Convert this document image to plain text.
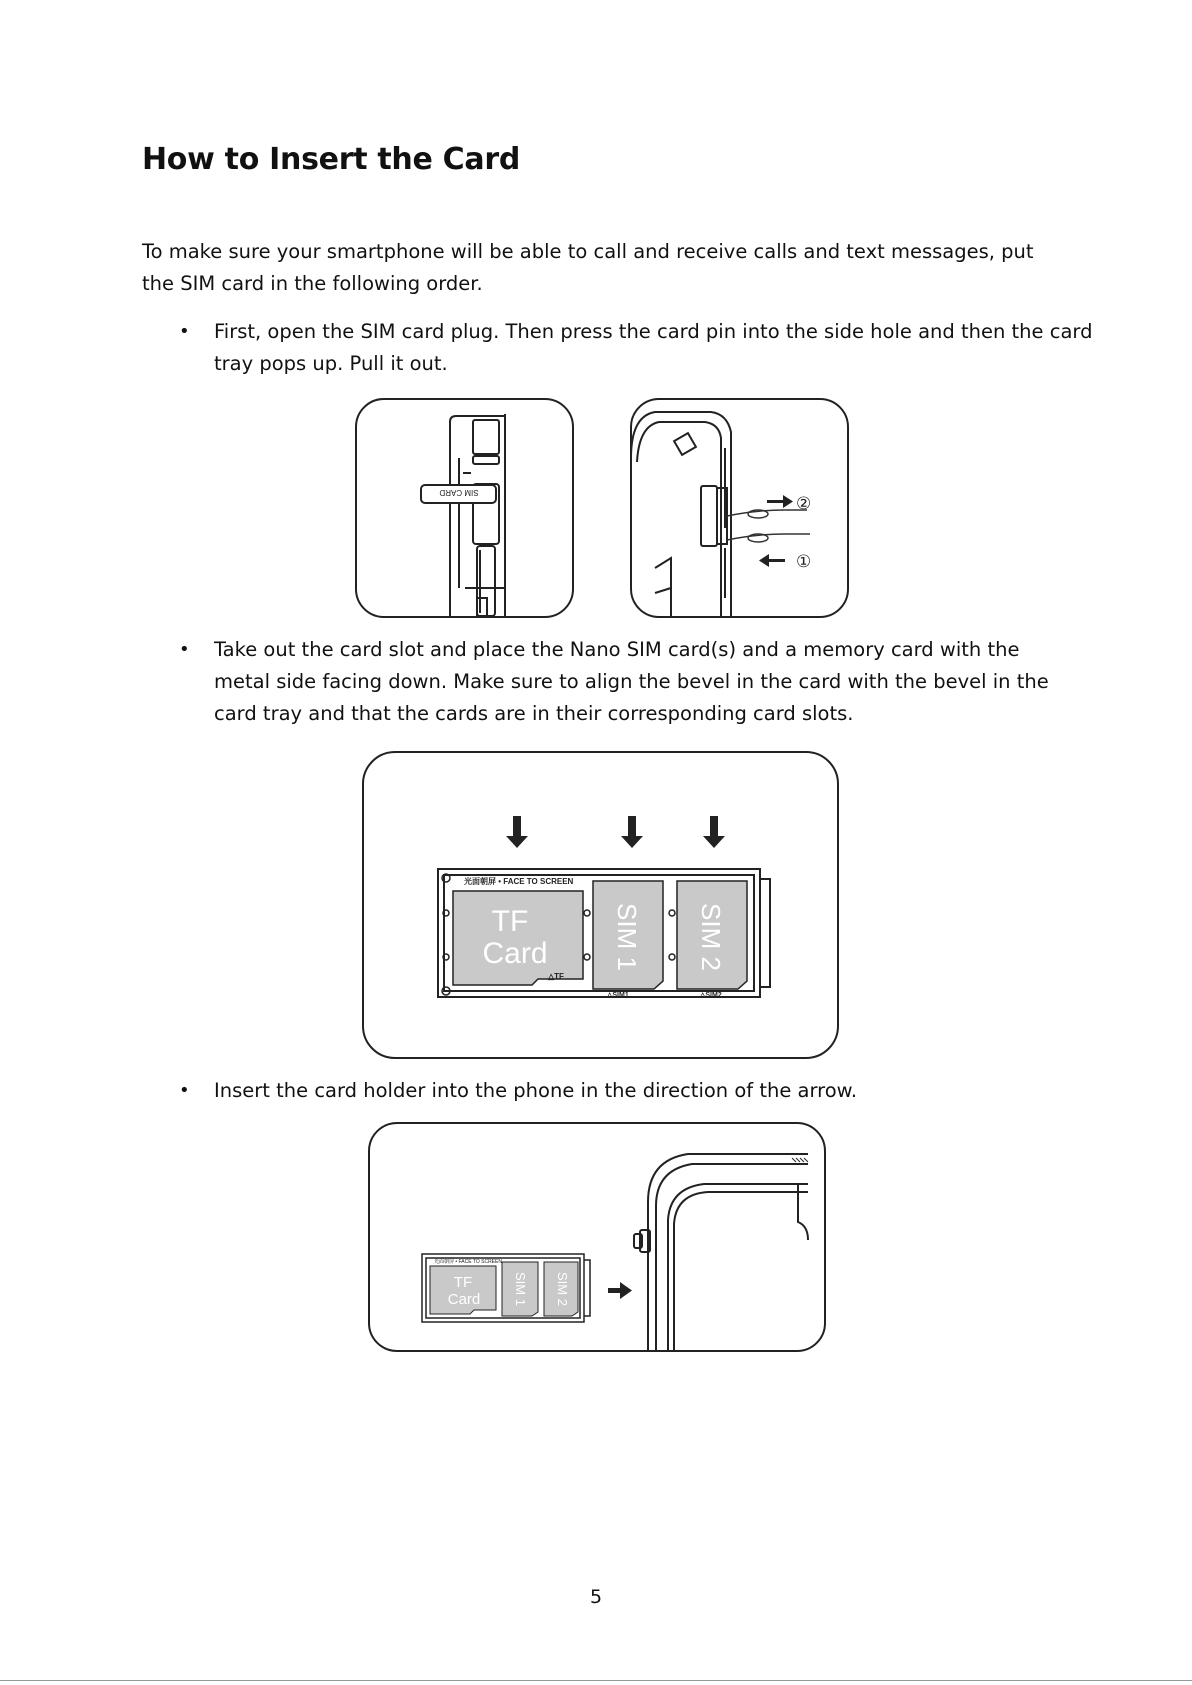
How to Insert the Card

To make sure your smartphone will be able to call and receive calls and text messages, put the SIM card in the following order.

• First, open the SIM card plug. Then press the card pin into the side hole and then the card tray pops up. Pull it out.
SIM CARD
②
①
• Take out the card slot and place the Nano SIM card(s) and a memory card with the metal side facing down. Make sure to align the bevel in the card with the bevel in the card tray and that the cards are in their corresponding card slots.
光面朝屏 • FACE TO SCREEN
TF
Card
△TF
SIM 1
△SIM1
SIM 2
△SIM2
• Insert the card holder into the phone in the direction of the arrow.
光面朝屏 • FACE TO SCREEN
TF
Card	SIM 1 SIM 2
5
